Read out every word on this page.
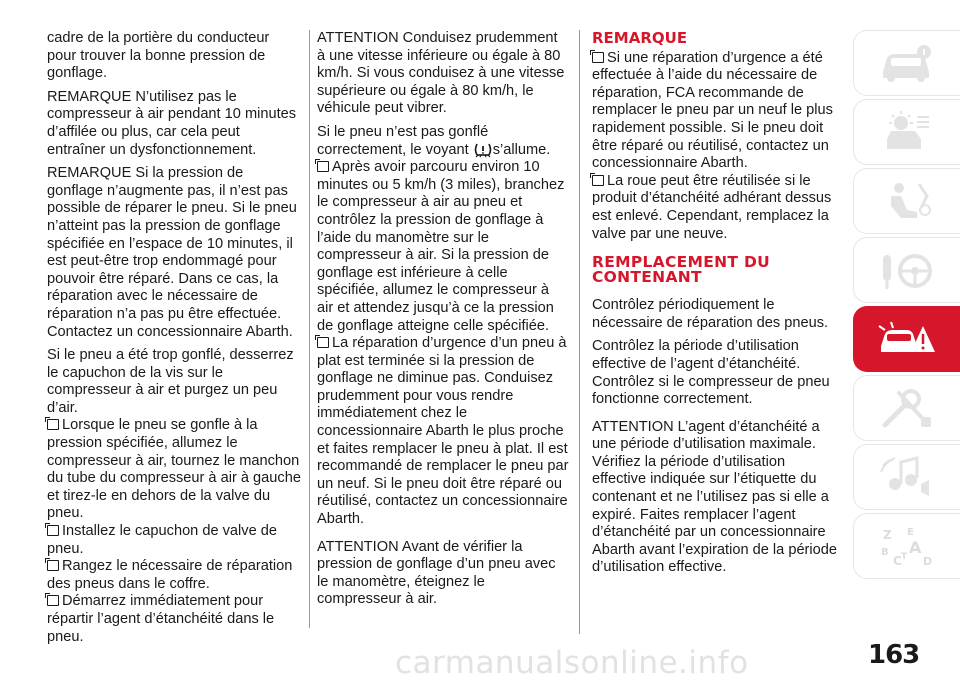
cadre de la portière du conducteur pour trouver la bonne pression de gonflage.

REMARQUE N’utilisez pas le compresseur à air pendant 10 minutes d’affilée ou plus, car cela peut entraîner un dysfonctionnement.

REMARQUE Si la pression de gonflage n’augmente pas, il n’est pas possible de réparer le pneu. Si le pneu n’atteint pas la pression de gonflage spécifiée en l’espace de 10 minutes, il est peut-être trop endommagé pour pouvoir être réparé. Dans ce cas, la réparation avec le nécessaire de réparation n’a pas pu être effectuée. Contactez un concessionnaire Abarth.

Si le pneu a été trop gonflé, desserrez le capuchon de la vis sur le compresseur à air et purgez un peu d’air.

Lorsque le pneu se gonfle à la pression spécifiée, allumez le compresseur à air, tournez le manchon du tube du compresseur à air à gauche et tirez-le en dehors de la valve du pneu.

Installez le capuchon de valve de pneu.

Rangez le nécessaire de réparation des pneus dans le coffre.

Démarrez immédiatement pour répartir l’agent d’étanchéité dans le pneu.

ATTENTION Conduisez prudemment à une vitesse inférieure ou égale à 80 km/h. Si vous conduisez à une vitesse supérieure ou égale à 80 km/h, le véhicule peut vibrer.

Si le pneu n’est pas gonflé correctement, le voyant s’allume.

Après avoir parcouru environ 10 minutes ou 5 km/h (3 miles), branchez le compresseur à air au pneu et contrôlez la pression de gonflage à l’aide du manomètre sur le compresseur à air. Si la pression de gonflage est inférieure à celle spécifiée, allumez le compresseur à air et attendez jusqu’à ce la pression de gonflage atteigne celle spécifiée.

La réparation d’urgence d’un pneu à plat est terminée si la pression de gonflage ne diminue pas. Conduisez prudemment pour vous rendre immédiatement chez le concessionnaire Abarth le plus proche et faites remplacer le pneu à plat. Il est recommandé de remplacer le pneu par un neuf. Si le pneu doit être réparé ou réutilisé, contactez un concessionnaire Abarth.

ATTENTION Avant de vérifier la pression de gonflage d’un pneu avec le manomètre, éteignez le compresseur à air.

REMARQUE

Si une réparation d’urgence a été effectuée à l’aide du nécessaire de réparation, FCA recommande de remplacer le pneu par un neuf le plus rapidement possible. Si le pneu doit être réparé ou réutilisé, contactez un concessionnaire Abarth.

La roue peut être réutilisée si le produit d’étanchéité adhérant dessus est enlevé. Cependant, remplacez la valve par une neuve.

REMPLACEMENT DU
CONTENANT

Contrôlez périodiquement le nécessaire de réparation des pneus.

Contrôlez la période d’utilisation effective de l’agent d’étanchéité. Contrôlez si le compresseur de pneu fonctionne correctement.

ATTENTION L’agent d’étanchéité a une période d’utilisation maximale. Vérifiez la période d’utilisation effective indiquée sur l’étiquette du contenant et ne l’utilisez pas si elle a expiré. Faites remplacer l’agent d’étanchéité par un concessionnaire Abarth avant l’expiration de la période d’utilisation effective.

Z E
A
B
C T D
carmanualsonline.info	163
